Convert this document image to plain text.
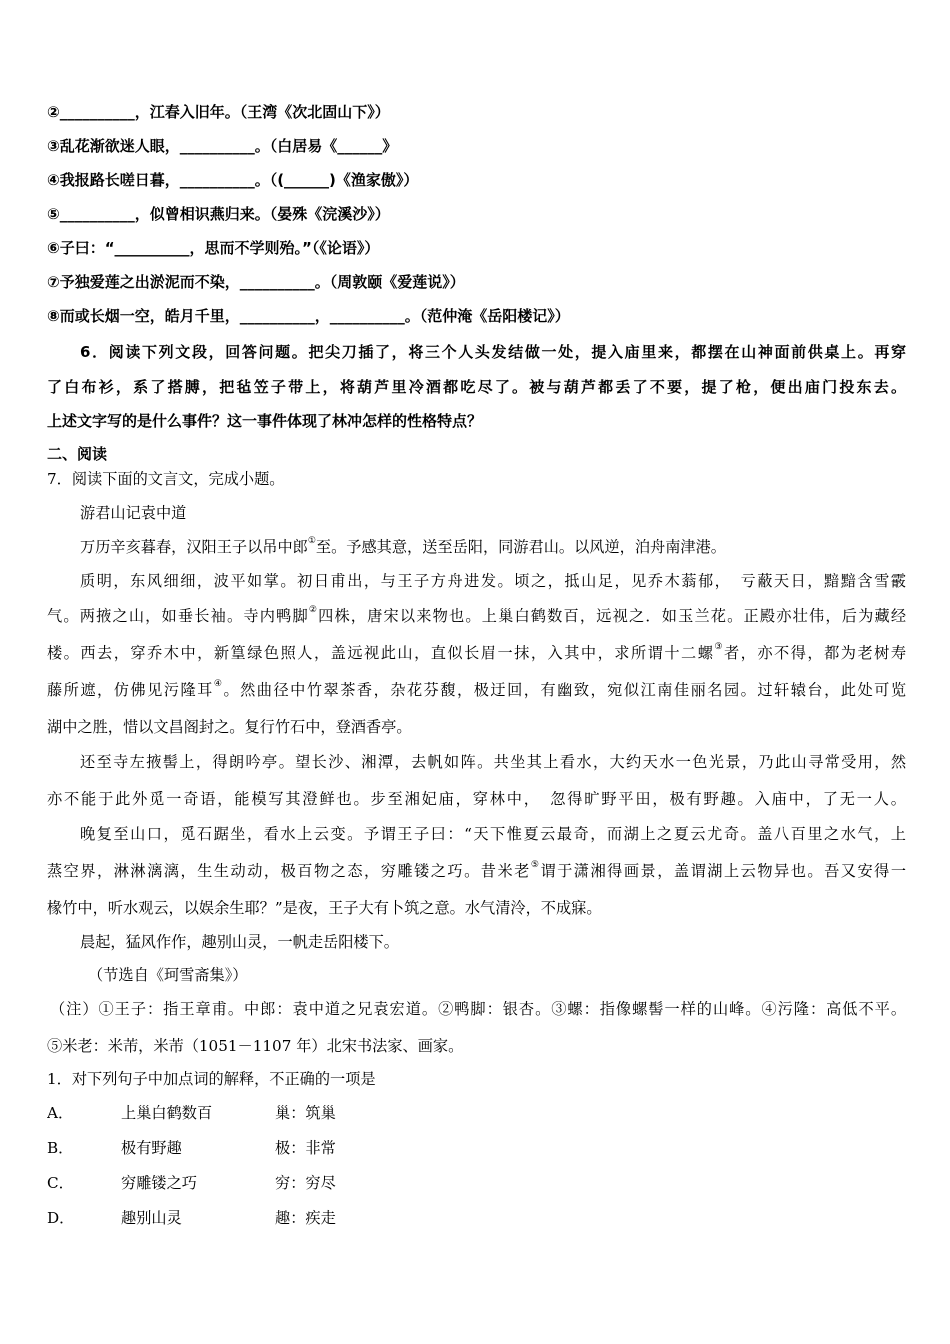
②__________，江春入旧年。（王湾《次北固山下》）
③乱花渐欲迷人眼，__________。（白居易《______》
④我报路长嗟日暮，__________。（(______)《渔家傲》）
⑤__________，似曾相识燕归来。（晏殊《浣溪沙》）
⑥子曰：“__________，思而不学则殆。”（《论语》）
⑦予独爱莲之出淤泥而不染，__________。（周敦颐《爱莲说》）
⑧而或长烟一空，皓月千里，__________，__________。（范仲淹《岳阳楼记》）
6．阅读下列文段，回答问题。把尖刀插了，将三个人头发结做一处，提入庙里来，都摆在山神面前供桌上。再穿
了白布衫，系了搭膊，把毡笠子带上，将葫芦里冷酒都吃尽了。被与葫芦都丢了不要，提了枪，便出庙门投东去。
上述文字写的是什么事件？这一事件体现了林冲怎样的性格特点？
二、阅读
7．阅读下面的文言文，完成小题。
游君山记袁中道
万历辛亥暮春，汉阳王子以吊中郎①至。予感其意，送至岳阳，同游君山。以风逆，泊舟南津港。
质明，东风细细，波平如掌。初日甫出，与王子方舟进发。顷之，抵山足，见乔木蓊郁，　亏蔽天日，黯黯含雪霰
气。两掖之山，如垂长袖。寺内鸭脚②四株，唐宋以来物也。上巢白鹤数百，远视之．如玉兰花。正殿亦壮伟，后为藏经
楼。西去，穿乔木中，新篁绿色照人，盖远视此山，直似长眉一抹，入其中，求所谓十二螺③者，亦不得，都为老树寿
藤所遮，仿佛见污隆耳④。然曲径中竹翠茶香，杂花芬馥，极迂回，有幽致，宛似江南佳丽名园。过轩辕台，此处可览
湖中之胜，惜以文昌阁封之。复行竹石中，登酒香亭。
还至寺左掖髻上，得朗吟亭。望长沙、湘潭，去帆如阵。共坐其上看水，大约天水一色光景，乃此山寻常受用，然
亦不能于此外觅一奇语，能模写其澄鲜也。步至湘妃庙，穿林中，　忽得旷野平田，极有野趣。入庙中，了无一人。
晚复至山口，觅石踞坐，看水上云变。予谓王子曰：“天下惟夏云最奇，而湖上之夏云尤奇。盖八百里之水气，上
蒸空界，淋淋漓漓，生生动动，极百物之态，穷雕镂之巧。昔米老⑤谓于潇湘得画景，盖谓湖上云物异也。吾又安得一
椽竹中，听水观云，以娱余生耶？”是夜，王子大有卜筑之意。水气清泠，不成寐。
晨起，猛风作作，趣别山灵，一帆走岳阳楼下。
（节选自《珂雪斋集》）
（注）①王子：指王章甫。中郎：袁中道之兄袁宏道。②鸭脚：银杏。③螺：指像螺髻一样的山峰。④污隆：高低不平。
⑤米老：米芾，米芾（1051－1107 年）北宋书法家、画家。
1．对下列句子中加点词的解释，不正确的一项是
A．	上巢白鹤数百	巢：筑巢
B．	极有野趣	极：非常
C．	穷雕镂之巧	穷：穷尽
D．	趣别山灵	趣：疾走
